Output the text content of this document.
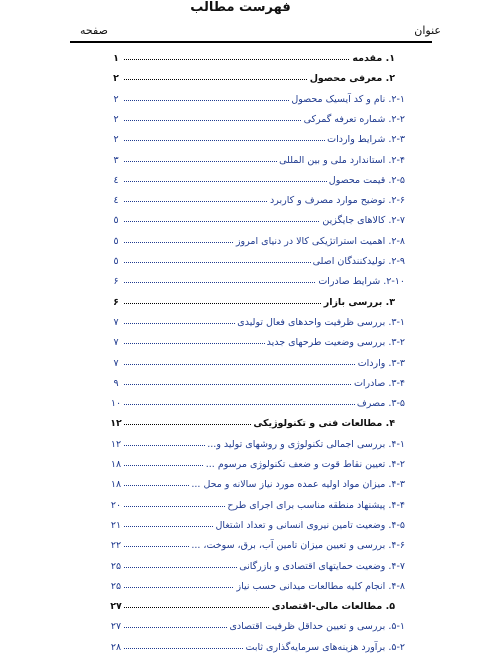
فهرست مطالب
عنوان
صفحه
۱	۱. مقدمه
۲	۲. معرفی محصول
۲	۲-۱. نام و کد آیسیک محصول
۲	۲-۲. شماره تعرفه گمرکی
۲	۲-۳. شرایط واردات
۳	۲-۴. استاندارد ملی و بین المللی
٤	۲-۵. قیمت محصول
٤	۲-۶. توضیح موارد مصرف و کاربرد
٥	۲-۷. کالاهای جایگزین
٥	۲-۸. اهمیت استراتژیکی کالا در دنیای امروز
٥	۲-۹. تولیدکنندگان اصلی
۶	۲-۱۰. شرایط صادرات
۶	۳. بررسی بازار
۷	۳-۱. بررسی ظرفیت واحدهای فعال تولیدی
۷	۳-۲. بررسی وضعیت طرحهای جدید
۷	۳-۳. واردات
۹	۳-۴. صادرات
۱۰	۳-۵. مصرف
۱۲	۴. مطالعات فنی و تکنولوژیکی
۱۲	۴-۱. بررسی اجمالی تکنولوژی و روشهای تولید و...
۱۸	۴-۲. تعیین نقاط قوت و ضعف تکنولوژی مرسوم ...
۱۸	۴-۳. میزان مواد اولیه عمده مورد نیاز سالانه و محل ...
۲۰	۴-۴. پیشنهاد منطقه مناسب برای اجرای طرح
۲۱	۴-۵. وضعیت تامین نیروی انسانی و تعداد اشتغال
۲۲	۴-۶. بررسی و تعیین میزان تامین آب، برق، سوخت، ...
۲۵	۴-۷. وضعیت حمایتهای اقتصادی و بازرگانی
۲۵	۴-۸. انجام کلیه مطالعات میدانی حسب نیاز
۲۷	۵. مطالعات مالی-اقتصادی
۲۷	۵-۱. بررسی و تعیین حداقل ظرفیت اقتصادی
۲۸	۵-۲. برآورد هزینه‌های سرمایه‌گذاری ثابت
